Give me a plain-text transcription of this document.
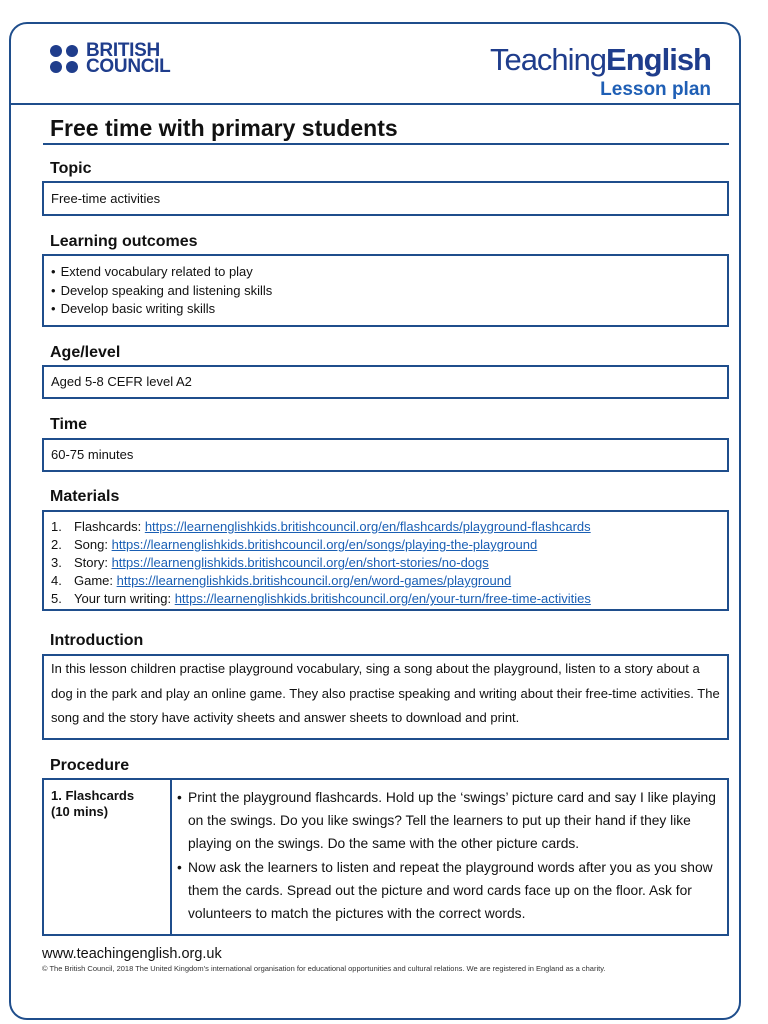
BRITISH
COUNCIL	TeachingEnglish
Lesson plan
Free time with primary students
Topic
Free-time activities
Learning outcomes
• Extend vocabulary related to play
• Develop speaking and listening skills
• Develop basic writing skills
Age/level
Aged 5-8 CEFR level A2
Time
60-75 minutes
Materials
1. Flashcards: https://learnenglishkids.britishcouncil.org/en/flashcards/playground-flashcards
2. Song: https://learnenglishkids.britishcouncil.org/en/songs/playing-the-playground
3. Story: https://learnenglishkids.britishcouncil.org/en/short-stories/no-dogs
4. Game: https://learnenglishkids.britishcouncil.org/en/word-games/playground
5. Your turn writing: https://learnenglishkids.britishcouncil.org/en/your-turn/free-time-activities
Introduction
In this lesson children practise playground vocabulary, sing a song about the playground, listen to a story about a dog in the park and play an online game. They also practise speaking and writing about their free-time activities. The song and the story have activity sheets and answer sheets to download and print.
Procedure
1. Flashcards
(10 mins)
• Print the playground flashcards. Hold up the ‘swings’ picture card and say I like playing on the swings. Do you like swings? Tell the learners to put up their hand if they like playing on the swings. Do the same with the other picture cards.
• Now ask the learners to listen and repeat the playground words after you as you show them the cards. Spread out the picture and word cards face up on the floor. Ask for volunteers to match the pictures with the correct words.
www.teachingenglish.org.uk
© The British Council, 2018 The United Kingdom’s international organisation for educational opportunities and cultural relations. We are registered in England as a charity.
